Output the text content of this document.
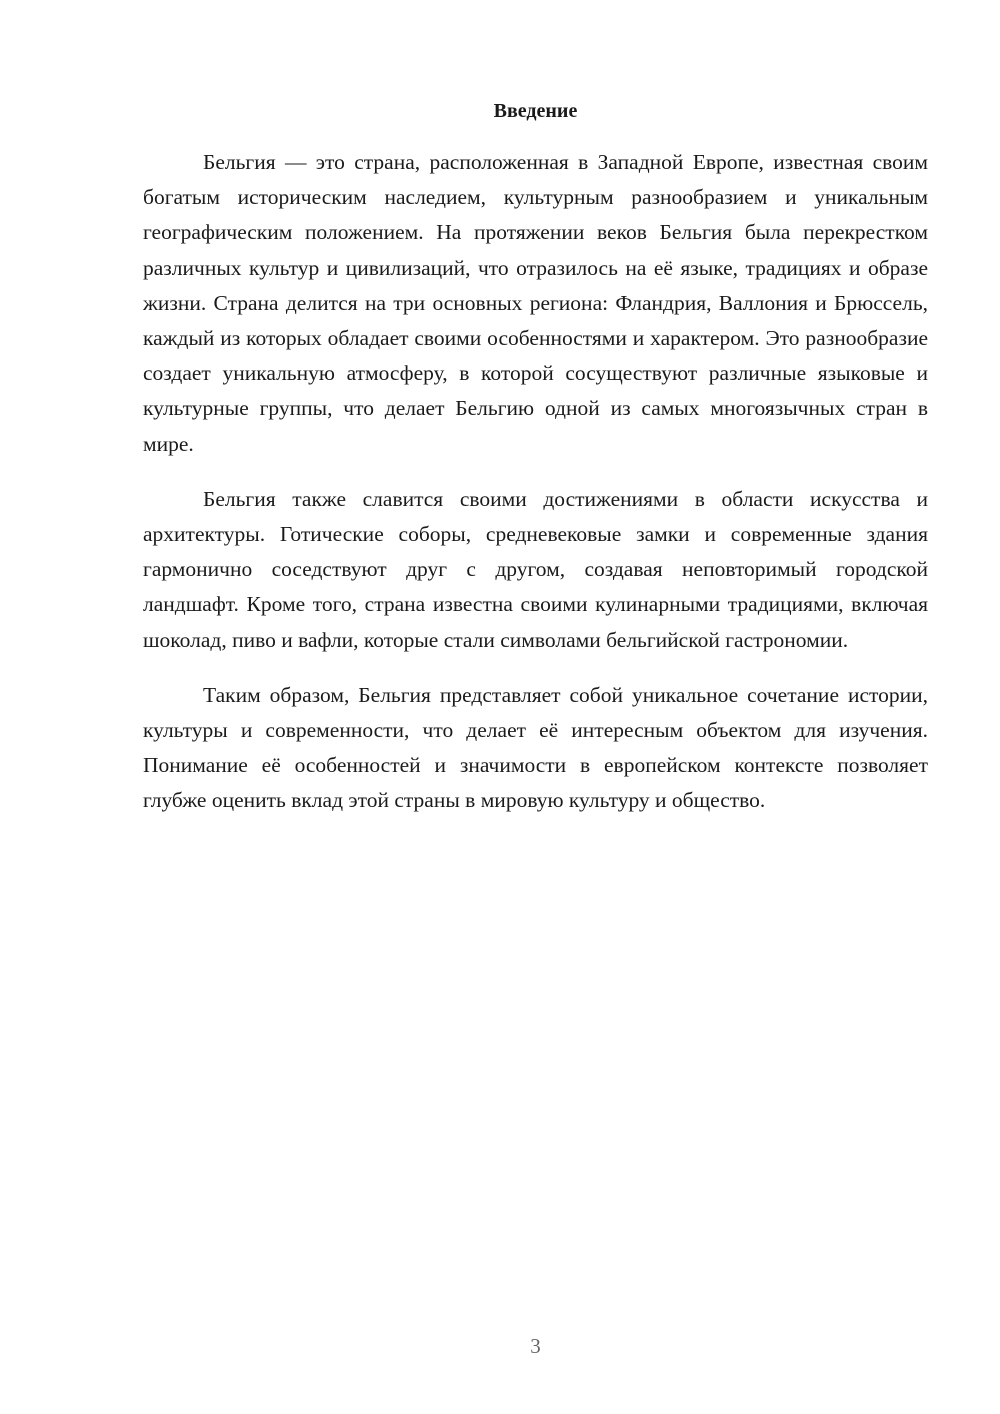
Введение

Бельгия — это страна, расположенная в Западной Европе, известная своим богатым историческим наследием, культурным разнообразием и уникальным географическим положением. На протяжении веков Бельгия была перекрестком различных культур и цивилизаций, что отразилось на её языке, традициях и образе жизни. Страна делится на три основных региона: Фландрия, Валлония и Брюссель, каждый из которых обладает своими особенностями и характером. Это разнообразие создает уникальную атмосферу, в которой сосуществуют различные языковые и культурные группы, что делает Бельгию одной из самых многоязычных стран в мире.

Бельгия также славится своими достижениями в области искусства и архитектуры. Готические соборы, средневековые замки и современные здания гармонично соседствуют друг с другом, создавая неповторимый городской ландшафт. Кроме того, страна известна своими кулинарными традициями, включая шоколад, пиво и вафли, которые стали символами бельгийской гастрономии.

Таким образом, Бельгия представляет собой уникальное сочетание истории, культуры и современности, что делает её интересным объектом для изучения. Понимание её особенностей и значимости в европейском контексте позволяет глубже оценить вклад этой страны в мировую культуру и общество.

3
